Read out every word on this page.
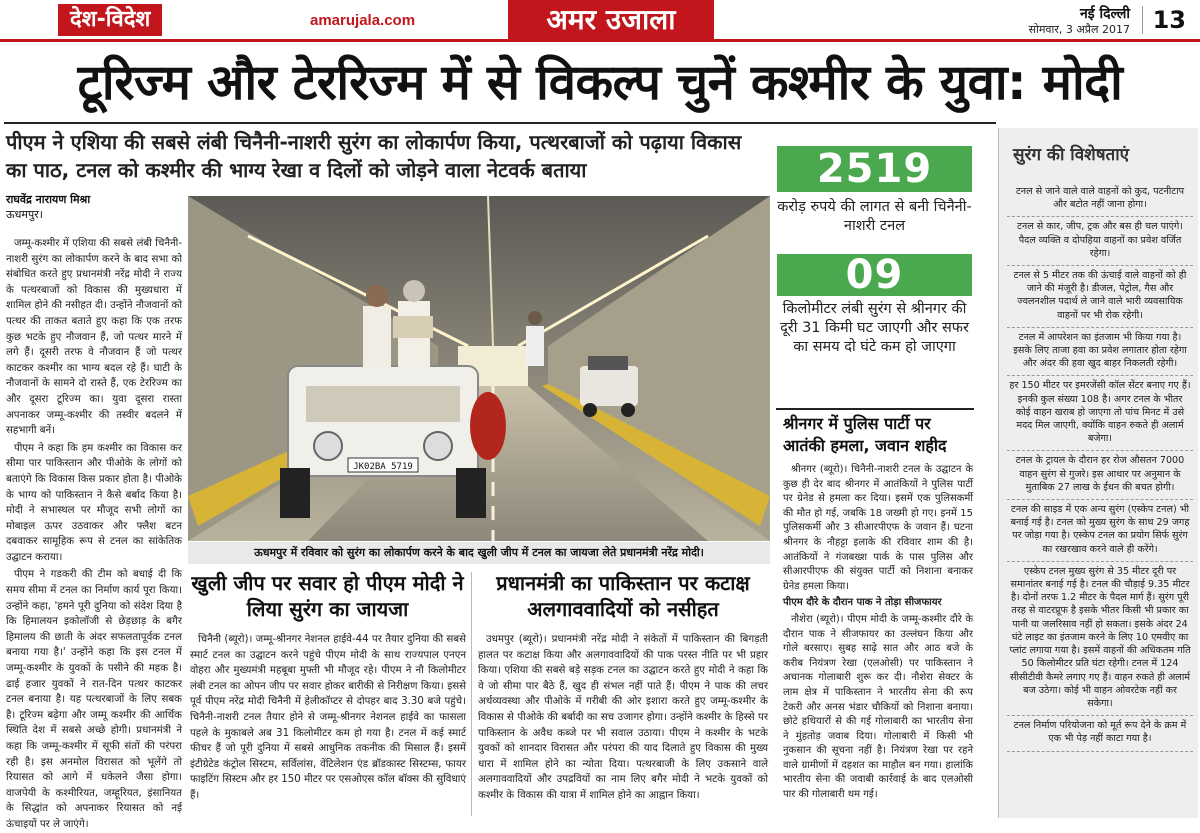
देश-विदेश	amarujala.com	अमर उजाला	नई दिल्ली
सोमवार, 3 अप्रैल 2017 13
टूरिज्म और टेररिज्म में से विकल्प चुनें कश्मीर के युवा: मोदी
पीएम ने एशिया की सबसे लंबी चिनैनी-नाशरी सुरंग का लोकार्पण किया, पत्थरबाजों को पढ़ाया विकास का पाठ, टनल को कश्मीर की भाग्य रेखा व दिलों को जोड़ने वाला नेटवर्क बताया
राघवेंद्र नारायण मिश्रा
ऊधमपुर।

जम्मू-कश्मीर में एशिया की सबसे लंबी चिनैनी-नाशरी सुरंग का लोकार्पण करने के बाद सभा को संबोधित करते हुए प्रधानमंत्री नरेंद्र मोदी ने राज्य के पत्थरबाजों को विकास की मुख्यधारा में शामिल होने की नसीहत दी। उन्होंने नौजवानों को पत्थर की ताकत बताते हुए कहा कि एक तरफ कुछ भटके हुए नौजवान हैं, जो पत्थर मारने में लगे हैं। दूसरी तरफ वे नौजवान हैं जो पत्थर काटकर कश्मीर का भाग्य बदल रहे हैं। घाटी के नौजवानों के सामने दो रास्ते हैं, एक टेररिज्म का और दूसरा टूरिज्म का। युवा दूसरा रास्ता अपनाकर जम्मू-कश्मीर की तस्वीर बदलने में सहभागी बनें।

पीएम ने कहा कि हम कश्मीर का विकास कर सीमा पार पाकिस्तान और पीओके के लोगों को बताएंगे कि विकास किस प्रकार होता है। पीओके के भाग्य को पाकिस्तान ने कैसे बर्बाद किया है। मोदी ने सभास्थल पर मौजूद सभी लोगों का मोबाइल ऊपर उठवाकर और फ्लैश बटन दबवाकर सामूहिक रूप से टनल का सांकेतिक उद्घाटन कराया।

पीएम ने गडकरी की टीम को बधाई दी कि समय सीमा में टनल का निर्माण कार्य पूरा किया। उन्होंने कहा, 'हमने पूरी दुनिया को संदेश दिया है कि हिमालयन इकोलॉजी से छेड़छाड़ के बगैर हिमालय की छाती के अंदर सफलतापूर्वक टनल बनाया गया है।' उन्होंने कहा कि इस टनल में जम्मू-कश्मीर के युवकों के पसीने की महक है। ढाई हजार युवकों ने रात-दिन पत्थर काटकर टनल बनाया है। यह पत्थरबाजों के लिए सबक है। टूरिज्म बढ़ेगा और जम्मू कश्मीर की आर्थिक स्थिति देश में सबसे अच्छे होगी। प्रधानमंत्री ने कहा कि जम्मू-कश्मीर में सूफी संतों की परंपरा रही है। इस अनमोल विरासत को भूलेंगे तो रियासत को आगे में धकेलने जैसा होगा। वाजपेयी के कश्मीरियत, जम्हूरियत, इंसानियत के सिद्धांत को अपनाकर रियासत को नई ऊंचाइयों पर ले जाएंगे।

JK02BA 5719
ऊधमपुर में रविवार को सुरंग का लोकार्पण करने के बाद खुली जीप में टनल का जायजा लेते प्रधानमंत्री नरेंद्र मोदी।
खुली जीप पर सवार हो पीएम मोदी ने लिया सुरंग का जायजा

चिनैनी (ब्यूरो)। जम्मू-श्रीनगर नेशनल हाईवे-44 पर तैयार दुनिया की सबसे स्मार्ट टनल का उद्घाटन करने पहुंचे पीएम मोदी के साथ राज्यपाल एनएन वोहरा और मुख्यमंत्री महबूबा मुफ्ती भी मौजूद रहे। पीएम ने नौ किलोमीटर लंबी टनल का ओपन जीप पर सवार होकर बारीकी से निरीक्षण किया। इससे पूर्व पीएम नरेंद्र मोदी चिनैनी में हेलीकॉप्टर से दोपहर बाद 3.30 बजे पहुंचे। चिनैनी-नाशरी टनल तैयार होने से जम्मू-श्रीनगर नेशनल हाईवे का फासला पहले के मुकाबले अब 31 किलोमीटर कम हो गया है। टनल में कई स्मार्ट फीचर हैं जो पूरी दुनिया में सबसे आधुनिक तकनीक की मिसाल हैं। इसमें इंटीग्रेटेड कंट्रोल सिस्टम, सर्विलांस, वेंटिलेशन एंड ब्रॉडकास्ट सिस्टम्स, फायर फाइटिंग सिस्टम और हर 150 मीटर पर एसओएस कॉल बॉक्स की सुविधाएं हैं।

प्रधानमंत्री का पाकिस्तान पर कटाक्ष अलगाववादियों को नसीहत

उधमपुर (ब्यूरो)। प्रधानमंत्री नरेंद्र मोदी ने संकेतों में पाकिस्तान की बिगड़ती हालत पर कटाक्ष किया और अलगाववादियों की पाक परस्त नीति पर भी प्रहार किया। एशिया की सबसे बड़े सड़क टनल का उद्घाटन करते हुए मोदी ने कहा कि वे जो सीमा पार बैठे हैं, खुद ही संभल नहीं पाते हैं। पीएम ने पाक की लचर अर्थव्यवस्था और पीओके में गरीबी की ओर इशारा करते हुए जम्मू-कश्मीर के विकास से पीओके की बर्बादी का सच उजागर होगा। उन्होंने कश्मीर के हिस्से पर पाकिस्तान के अवैध कब्जे पर भी सवाल उठाया। पीएम ने कश्मीर के भटके युवकों को शानदार विरासत और परंपरा की याद दिलाते हुए विकास की मुख्य धारा में शामिल होने का न्योता दिया। पत्थरबाजी के लिए उकसाने वाले अलगाववादियों और उपद्रवियों का नाम लिए बगैर मोदी ने भटके युवकों को कश्मीर के विकास की यात्रा में शामिल होने का आह्वान किया।

2519
करोड़ रुपये की लागत से बनी चिनैनी-नाशरी टनल
09
किलोमीटर लंबी सुरंग से श्रीनगर की दूरी 31 किमी घट जाएगी और सफर का समय दो घंटे कम हो जाएगा
श्रीनगर में पुलिस पार्टी पर आतंकी हमला, जवान शहीद

श्रीनगर (ब्यूरो)। चिनैनी-नाशरी टनल के उद्घाटन के कुछ ही देर बाद श्रीनगर में आतंकियों ने पुलिस पार्टी पर ग्रेनेड से हमला कर दिया। इसमें एक पुलिसकर्मी की मौत हो गई, जबकि 18 जख्मी हो गए। इनमें 15 पुलिसकर्मी और 3 सीआरपीएफ के जवान हैं। घटना श्रीनगर के नौहट्टा इलाके की रविवार शाम की है। आतंकियों ने गंजबख्श पार्क के पास पुलिस और सीआरपीएफ की संयुक्त पार्टी को निशाना बनाकर ग्रेनेड हमला किया।

पीएम दौरे के दौरान पाक ने तोड़ा सीजफायर

नौशेरा (ब्यूरो)। पीएम मोदी के जम्मू-कश्मीर दौरे के दौरान पाक ने सीजफायर का उल्लंघन किया और गोले बरसाए। सुबह साढ़े सात और आठ बजे के करीब नियंत्रण रेखा (एलओसी) पर पाकिस्तान ने अचानक गोलाबारी शुरू कर दी। नौशेरा सेक्टर के लाम क्षेत्र में पाकिस्तान ने भारतीय सेना की रूप टेकरी और अनस भंडार चौकियों को निशाना बनाया। छोटे हथियारों से की गई गोलाबारी का भारतीय सेना ने मुंहतोड़ जवाब दिया। गोलाबारी में किसी भी नुकसान की सूचना नहीं है। नियंत्रण रेखा पर रहने वाले ग्रामीणों में दहशत का माहौल बन गया। हालांकि भारतीय सेना की जवाबी कार्रवाई के बाद एलओसी पार की गोलाबारी थम गई।

सुरंग की विशेषताएं
टनल से जाने वाले वाले वाहनों को कुद, पटनीटाप और बटोत नहीं जाना होगा।
टनल से कार, जीप, ट्रक और बस ही चल पाएंगे। पैदल व्यक्ति व दोपहिया वाहनों का प्रवेश वर्जित रहेगा।
टनल से 5 मीटर तक की ऊंचाई वाले वाहनों को ही जाने की मंजूरी है। डीजल, पेट्रोल, गैस और ज्वलनशील पदार्थ ले जाने वाले भारी व्यवसायिक वाहनों पर भी रोक रहेगी।
टनल में आपरेशन का इंतजाम भी किया गया है। इसके लिए ताजा हवा का प्रवेश लगातार होता रहेगा और अंदर की हवा खुद बाहर निकलती रहेगी।
हर 150 मीटर पर इमरजेंसी कॉल सेंटर बनाए गए हैं। इनकी कुल संख्या 108 है। अगर टनल के भीतर कोई वाहन खराब हो जाएगा तो पांच मिनट में उसे मदद मिल जाएगी, क्योंकि वाहन रुकते ही अलार्म बजेगा।
टनल के ट्रायल के दौरान हर रोज औसतन 7000 वाहन सुरंग से गुजरे। इस आधार पर अनुमान के मुताबिक 27 लाख के ईंधन की बचत होगी।
टनल की साइड में एक अन्य सुरंग (एस्केप टनल) भी बनाई गई है। टनल को मुख्य सुरंग के साथ 29 जगह पर जोड़ा गया है। एस्केप टनल का प्रयोग सिर्फ सुरंग का रखरखाव करने वाले ही करेंगे।
एस्केप टनल मुख्य सुरंग से 35 मीटर दूरी पर समानांतर बनाई गई है। टनल की चौड़ाई 9.35 मीटर है। दोनों तरफ 1.2 मीटर के पैदल मार्ग हैं। सुरंग पूरी तरह से वाटरप्रूफ है इसके भीतर किसी भी प्रकार का पानी या जलरिसाव नहीं हो सकता। इसके अंदर 24 घंटे लाइट का इंतजाम करने के लिए 10 एमवीए का प्लांट लगाया गया है। इसमें वाहनों की अधिकतम गति 50 किलोमीटर प्रति घंटा रहेगी। टनल में 124 सीसीटीवी कैमरे लगाए गए हैं। वाहन रुकते ही अलार्म बज उठेगा। कोई भी वाहन ओवरटेक नहीं कर सकेगा।
टनल निर्माण परियोजना को मूर्त रूप देने के क्रम में एक भी पेड़ नहीं काटा गया है।
